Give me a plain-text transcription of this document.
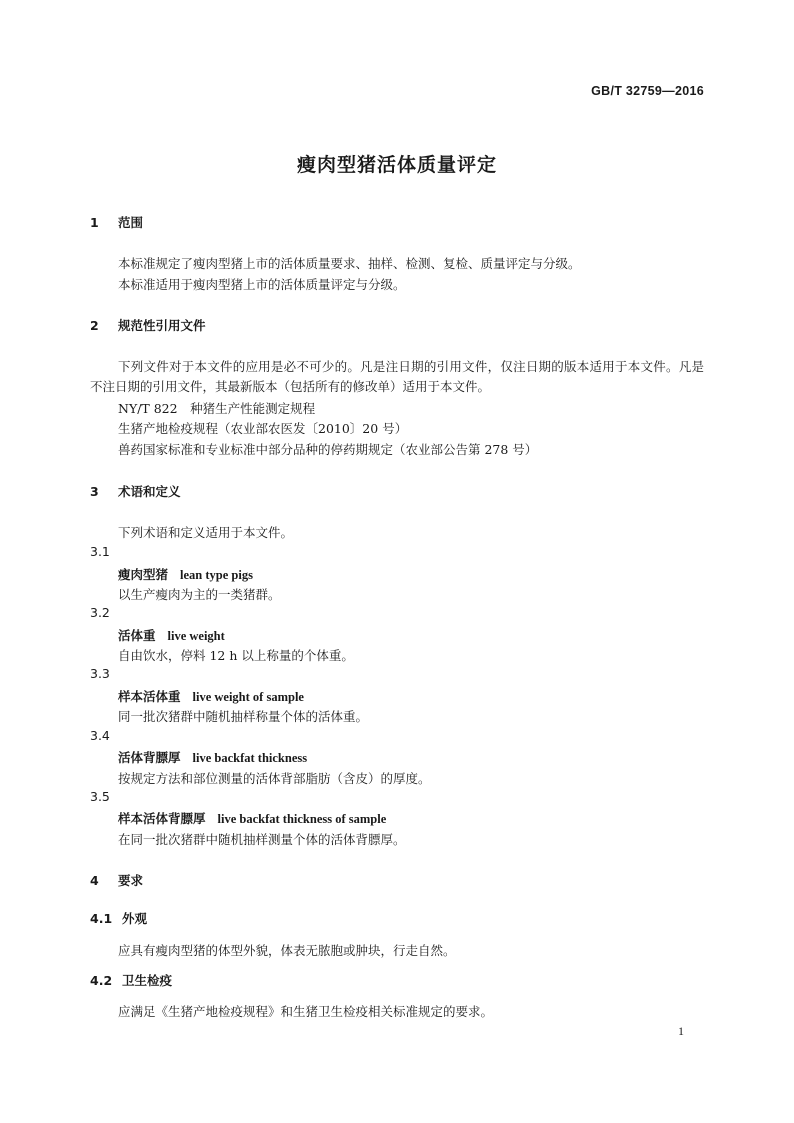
GB/T 32759—2016
瘦肉型猪活体质量评定
1 范围
本标准规定了瘦肉型猪上市的活体质量要求、抽样、检测、复检、质量评定与分级。
本标准适用于瘦肉型猪上市的活体质量评定与分级。
2 规范性引用文件
下列文件对于本文件的应用是必不可少的。凡是注日期的引用文件，仅注日期的版本适用于本文件。凡是不注日期的引用文件，其最新版本（包括所有的修改单）适用于本文件。
NY/T 822　种猪生产性能测定规程
生猪产地检疫规程（农业部农医发〔2010〕20 号）
兽药国家标准和专业标准中部分品种的停药期规定（农业部公告第 278 号）
3 术语和定义
下列术语和定义适用于本文件。
3.1
瘦肉型猪 lean type pigs
以生产瘦肉为主的一类猪群。
3.2
活体重 live weight
自由饮水，停料 12 h 以上称量的个体重。
3.3
样本活体重 live weight of sample
同一批次猪群中随机抽样称量个体的活体重。
3.4
活体背膘厚 live backfat thickness
按规定方法和部位测量的活体背部脂肪（含皮）的厚度。
3.5
样本活体背膘厚 live backfat thickness of sample
在同一批次猪群中随机抽样测量个体的活体背膘厚。
4 要求
4.1 外观
应具有瘦肉型猪的体型外貌，体表无脓胞或肿块，行走自然。
4.2 卫生检疫
应满足《生猪产地检疫规程》和生猪卫生检疫相关标准规定的要求。
1
